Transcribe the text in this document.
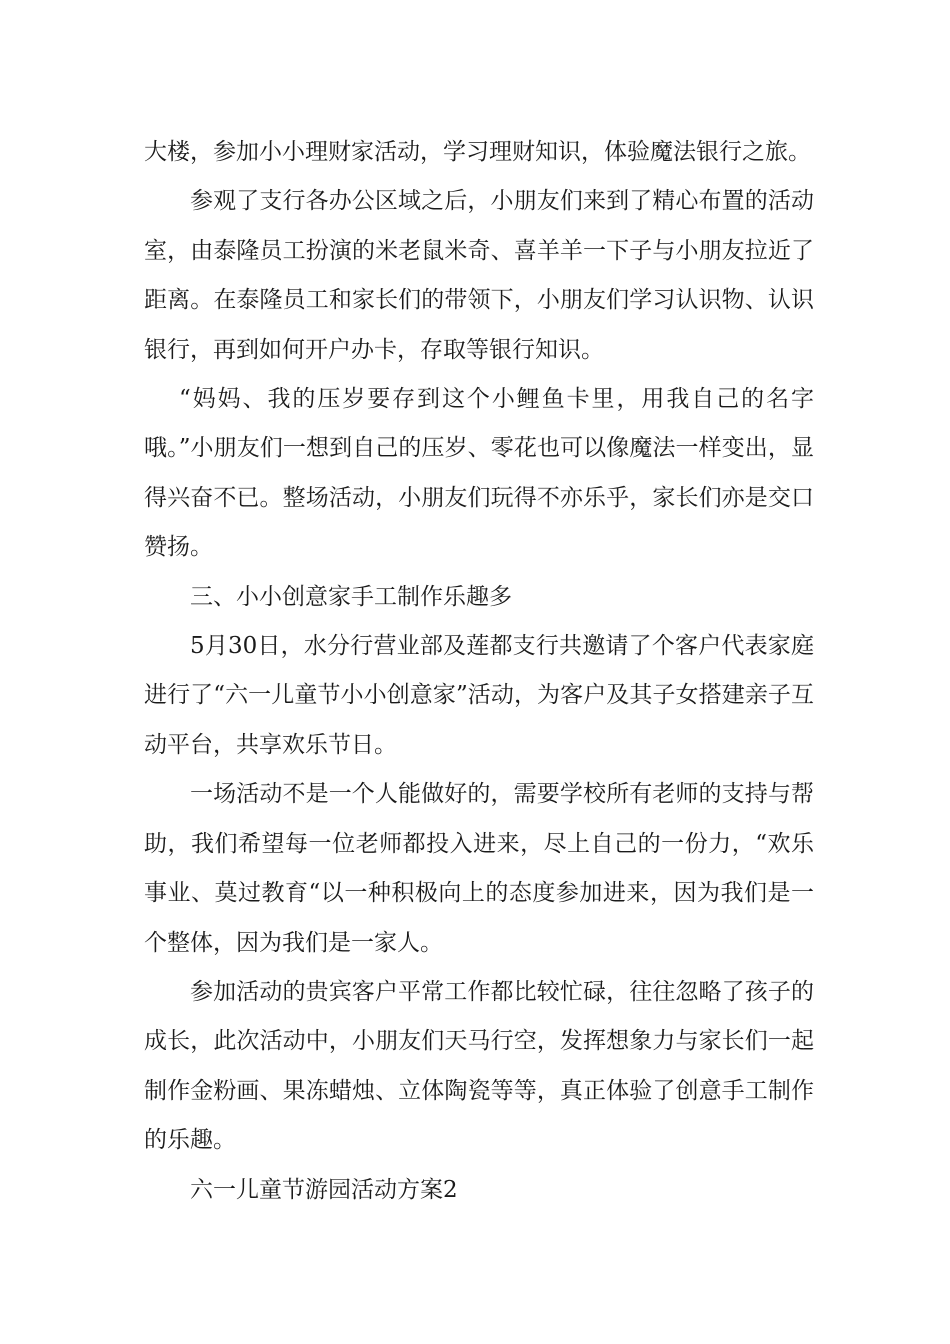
大楼，参加小小理财家活动，学习理财知识，体验魔法银行之旅。

参观了支行各办公区域之后，小朋友们来到了精心布置的活动室，由泰隆员工扮演的米老鼠米奇、喜羊羊一下子与小朋友拉近了距离。在泰隆员工和家长们的带领下，小朋友们学习认识物、认识银行，再到如何开户办卡，存取等银行知识。

“妈妈、我的压岁要存到这个小鲤鱼卡里，用我自己的名字哦。”小朋友们一想到自己的压岁、零花也可以像魔法一样变出，显得兴奋不已。整场活动，小朋友们玩得不亦乐乎，家长们亦是交口赞扬。

三、小小创意家手工制作乐趣多

5月30日，水分行营业部及莲都支行共邀请了个客户代表家庭进行了“六一儿童节小小创意家”活动，为客户及其子女搭建亲子互动平台，共享欢乐节日。

一场活动不是一个人能做好的，需要学校所有老师的支持与帮助，我们希望每一位老师都投入进来，尽上自己的一份力，“欢乐事业、莫过教育“以一种积极向上的态度参加进来，因为我们是一个整体，因为我们是一家人。

参加活动的贵宾客户平常工作都比较忙碌，往往忽略了孩子的成长，此次活动中，小朋友们天马行空，发挥想象力与家长们一起制作金粉画、果冻蜡烛、立体陶瓷等等，真正体验了创意手工制作的乐趣。

六一儿童节游园活动方案2
